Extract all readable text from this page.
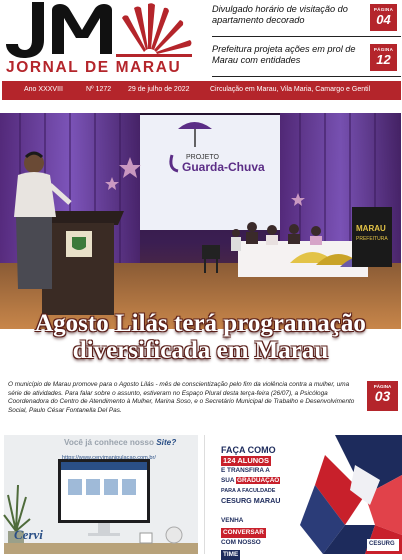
JORNAL DE MARAU
Divulgado horário de visitação do apartamento decorado
PÁGINA
04
Prefeitura projeta ações em prol de Marau com entidades
PÁGINA
12
Ano XXXVIII	Nº 1272 29 de julho de 2022	Circulação em Marau, Vila Maria, Camargo e Gentil
PROJETO
Guarda-Chuva
MARAU
PREFEITURA
Agosto Lilás terá programação
diversificada em Marau
O município de Marau promove para o Agosto Lilás - mês de conscientização pelo fim da violência contra a mulher, uma série de atividades. Para falar sobre o assunto, estiveram no Espaço Plural desta terça-feira (26/07), a Psicóloga Coordenadora do Centro de Atendimento à Mulher, Marina Soso, e o Secretário Municipal de Trabalho e Desenvolvimento Social, Paulo César Fontanella Del Pas.
PÁGINA
03
Você já conhece nosso Site?
https://www.cervimanipulacao.com.br/
Cervi
FAÇA COMO
124 ALUNOS
E TRANSFIRA A
SUA GRADUAÇÃO
PARA A FACULDADE
CESURG MARAU
VENHA
CONVERSAR
COM NOSSO
TIME
CESURG
